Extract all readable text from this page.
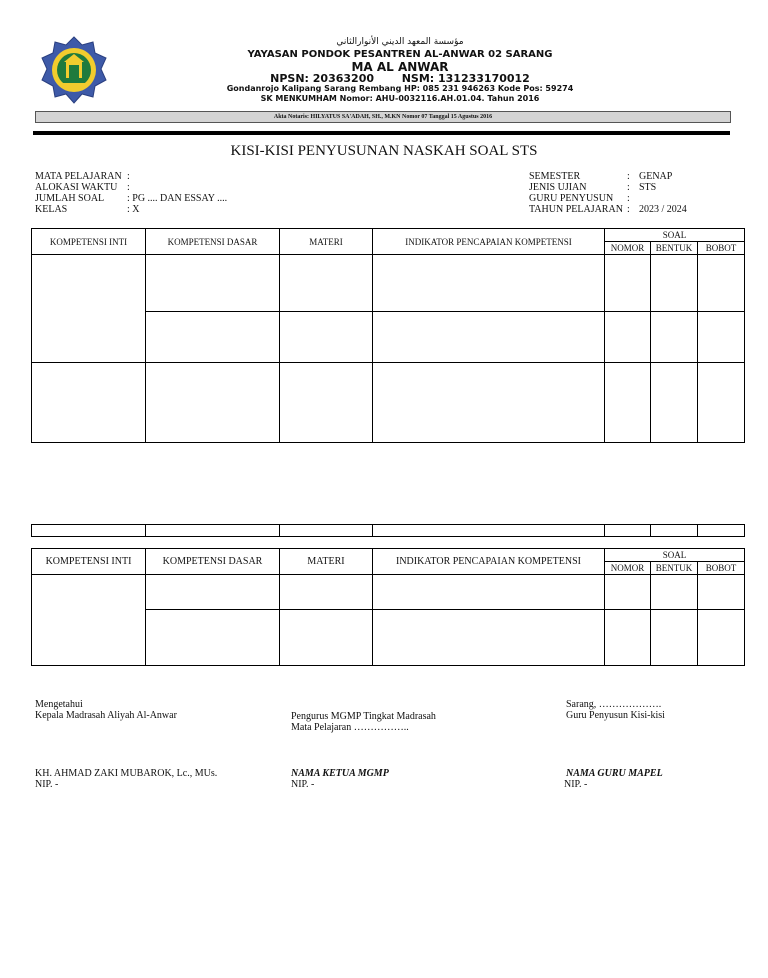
مؤسسة المعهد الديني الأنوارالثاني
YAYASAN PONDOK PESANTREN AL-ANWAR 02 SARANG
MA AL ANWAR
NPSN: 20363200	NSM: 131233170012
Gondanrojo Kalipang Sarang Rembang HP: 085 231 946263 Kode Pos: 59274
SK MENKUMHAM Nomor: AHU-0032116.AH.01.04. Tahun 2016
Akta Notaris: HILYATUS SA'ADAH, SH., M.KN Nomor 07 Tanggal 15 Agustus 2016
KISI-KISI PENYUSUNAN NASKAH SOAL STS
MATA PELAJARAN :
ALOKASI WAKTU :
JUMLAH SOAL	: PG .... DAN ESSAY ....
KELAS	: X
SEMESTER	: GENAP
JENIS UJIAN	: STS
GURU PENYUSUN	:
TAHUN PELAJARAN : 2023 / 2024
KOMPETENSI INTI	KOMPETENSI DASAR	MATERI	INDIKATOR PENCAPAIAN KOMPETENSI	SOAL		
				NOMOR	BENTUK	BOBOT

KOMPETENSI INTI	KOMPETENSI DASAR	MATERI	INDIKATOR PENCAPAIAN KOMPETENSI	SOAL		
				NOMOR	BENTUK	BOBOT

Mengetahui
Kepala Madrasah Aliyah Al-Anwar
KH. AHMAD ZAKI MUBAROK, Lc., MUs.
NIP. -
Pengurus MGMP Tingkat Madrasah
Mata Pelajaran ……………..
NAMA KETUA MGMP
NIP. -
Sarang, ……………….
Guru Penyusun Kisi-kisi
NAMA GURU MAPEL
NIP. -
